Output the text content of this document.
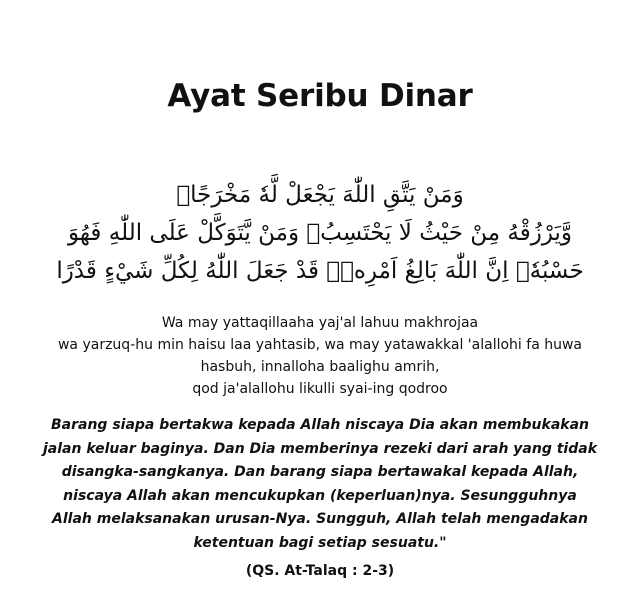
Ayat Seribu Dinar
وَمَنْ يَتَّقِ اللّٰهَ يَجْعَلْ لَّهٗ مَخْرَجًاۙ
وَّيَرْزُقْهُ مِنْ حَيْثُ لَا يَحْتَسِبُۗ وَمَنْ يَّتَوَكَّلْ عَلَى اللّٰهِ فَهُوَ
حَسْبُهٗۗ اِنَّ اللّٰهَ بَالِغُ اَمْرِهٖۗ قَدْ جَعَلَ اللّٰهُ لِكُلِّ شَيْءٍ قَدْرًا
Wa may yattaqillaaha yaj'al lahuu makhrojaa
wa yarzuq-hu min haisu laa yahtasib, wa may yatawakkal 'alallohi fa huwa
hasbuh, innalloha baalighu amrih,
qod ja'alallohu likulli syai-ing qodroo
Barang siapa bertakwa kepada Allah niscaya Dia akan membukakan
jalan keluar baginya. Dan Dia memberinya rezeki dari arah yang tidak
disangka-sangkanya. Dan barang siapa bertawakal kepada Allah,
niscaya Allah akan mencukupkan (keperluan)nya. Sesungguhnya
Allah melaksanakan urusan-Nya. Sungguh, Allah telah mengadakan
ketentuan bagi setiap sesuatu."
(QS. At-Talaq : 2-3)
